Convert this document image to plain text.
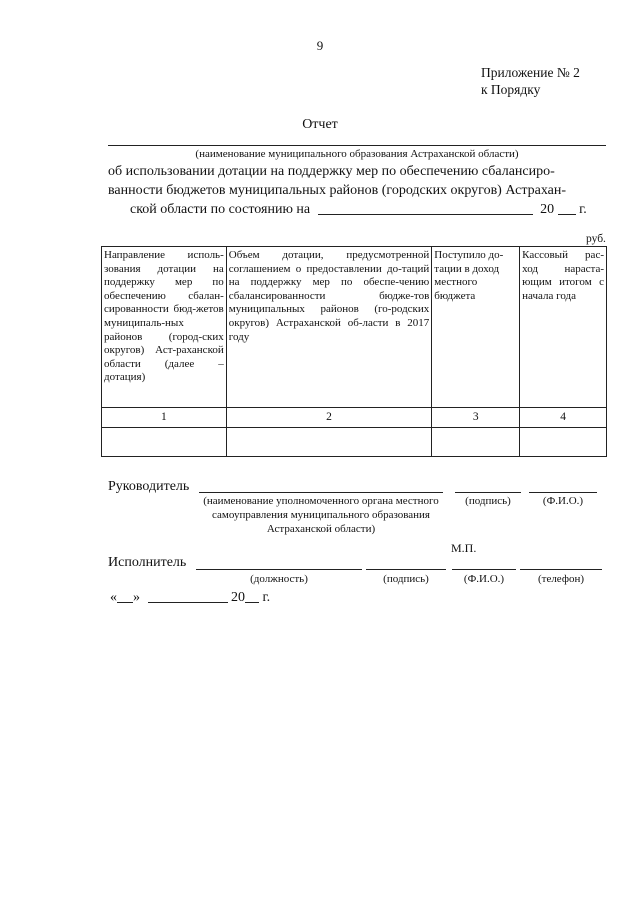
9
Приложение № 2
к Порядку
Отчет
(наименование муниципального образования Астраханской области)
об использовании дотации на поддержку мер по обеспечению сбалансиро-
ванности бюджетов муниципальных районов (городских округов) Астрахан-
ской области по состоянию на	20 г.
руб.
Направление исполь-зования дотации на поддержку мер по обеспечению сбалан-сированности бюд-жетов муниципаль-ных районов (город-ских округов) Аст-раханской области (далее – дотация)	Объем дотации, предусмотренной соглашением о предоставлении до-таций на поддержку мер по обеспе-чению сбалансированности бюдже-тов муниципальных районов (го-родских округов) Астраханской об-ласти в 2017 году	Поступило до-тации в доход местного бюджета	Кассовый рас-ход нараста-ющим итогом с начала года
1	2	3	4

Руководитель
(наименование уполномоченного органа местного самоуправления муниципального образования Астраханской области)
(подпись)	(Ф.И.О.)
М.П.
Исполнитель
(должность)	(подпись)	(Ф.И.О.)	(телефон)
« »	20 г.
